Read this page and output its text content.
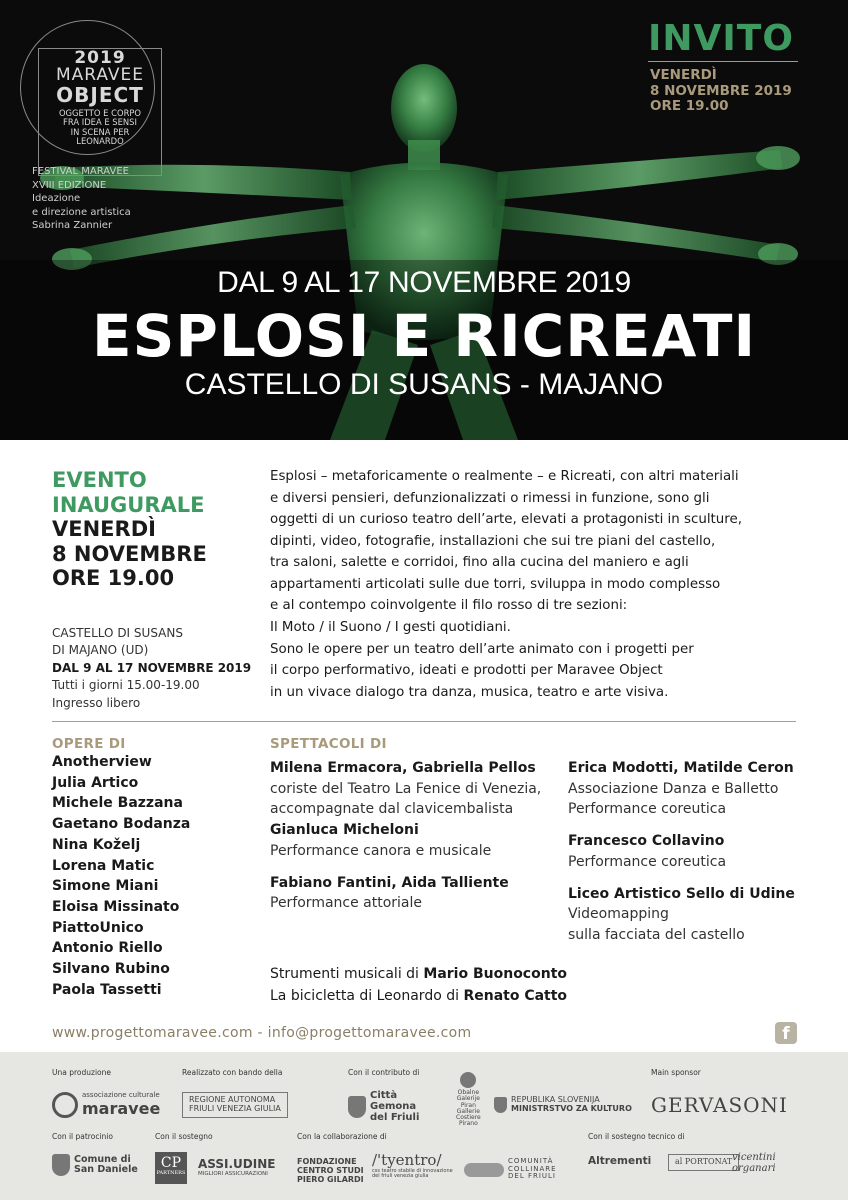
2019
MARAVEE
OBJECT
OGGETTO E CORPO
FRA IDEA E SENSI
IN SCENA PER
LEONARDO
FESTIVAL MARAVEE
XVIII EDIZIONE
Ideazione
e direzione artistica
Sabrina Zannier
INVITO
VENERDÌ
8 NOVEMBRE 2019
ORE 19.00
DAL 9 AL 17 NOVEMBRE 2019
ESPLOSI E RICREATI
CASTELLO DI SUSANS - MAJANO
EVENTO
INAUGURALE
VENERDÌ
8 NOVEMBRE
ORE 19.00
CASTELLO DI SUSANS
DI MAJANO (UD)
DAL 9 AL 17 NOVEMBRE 2019
Tutti i giorni 15.00-19.00
Ingresso libero
Esplosi – metaforicamente o realmente – e Ricreati, con altri materiali
e diversi pensieri, defunzionalizzati o rimessi in funzione, sono gli
oggetti di un curioso teatro dell’arte, elevati a protagonisti in sculture,
dipinti, video, fotografie, installazioni che sui tre piani del castello,
tra saloni, salette e corridoi, fino alla cucina del maniero e agli
appartamenti articolati sulle due torri, sviluppa in modo complesso
e al contempo coinvolgente il filo rosso di tre sezioni:
Il Moto / il Suono / I gesti quotidiani.
Sono le opere per un teatro dell’arte animato con i progetti per
il corpo performativo, ideati e prodotti per Maravee Object
in un vivace dialogo tra danza, musica, teatro e arte visiva.
OPERE DI
Anotherview
Julia Artico
Michele Bazzana
Gaetano Bodanza
Nina Koželj
Lorena Matic
Simone Miani
Eloisa Missinato
PiattoUnico
Antonio Riello
Silvano Rubino
Paola Tassetti
SPETTACOLI DI
Milena Ermacora, Gabriella Pellos
coriste del Teatro La Fenice di Venezia,
accompagnate dal clavicembalista
Gianluca Micheloni
Performance canora e musicale
Fabiano Fantini, Aida Talliente
Performance attoriale
Erica Modotti, Matilde Ceron
Associazione Danza e Balletto
Performance coreutica
Francesco Collavino
Performance coreutica
Liceo Artistico Sello di Udine
Videomapping
sulla facciata del castello
Strumenti musicali di Mario Buonoconto
La bicicletta di Leonardo di Renato Catto
www.progettomaravee.com - info@progettomaravee.com	f
Una produzione	Realizzato con bando della	Con il contributo di	Main sponsor
associazione culturale
maravee	REGIONE AUTONOMA
FRIULI VENEZIA GIULIA
Città
Gemona
del Friuli
Obalne
Galerije
Piran
Gallerie
Costiere
Pirano
REPUBLIKA SLOVENIJA
MINISTRSTVO ZA KULTURO GERVASONI
Con il patrocinio	Con il sostegno	Con la collaborazione di	Con il sostegno tecnico di
Comune di
San Daniele	CP
PARTNERS
ASSI.UDINE
MIGLIORI ASSICURAZIONI
FONDAZIONE
CENTRO STUDI
PIERO GILARDI
/'tyentro/
css teatro stabile di innovazione
del friuli venezia giulia
COMUNITÀ
COLLINARE
DEL FRIULI
Altrementi	al PORTONAT vicentini
organari
